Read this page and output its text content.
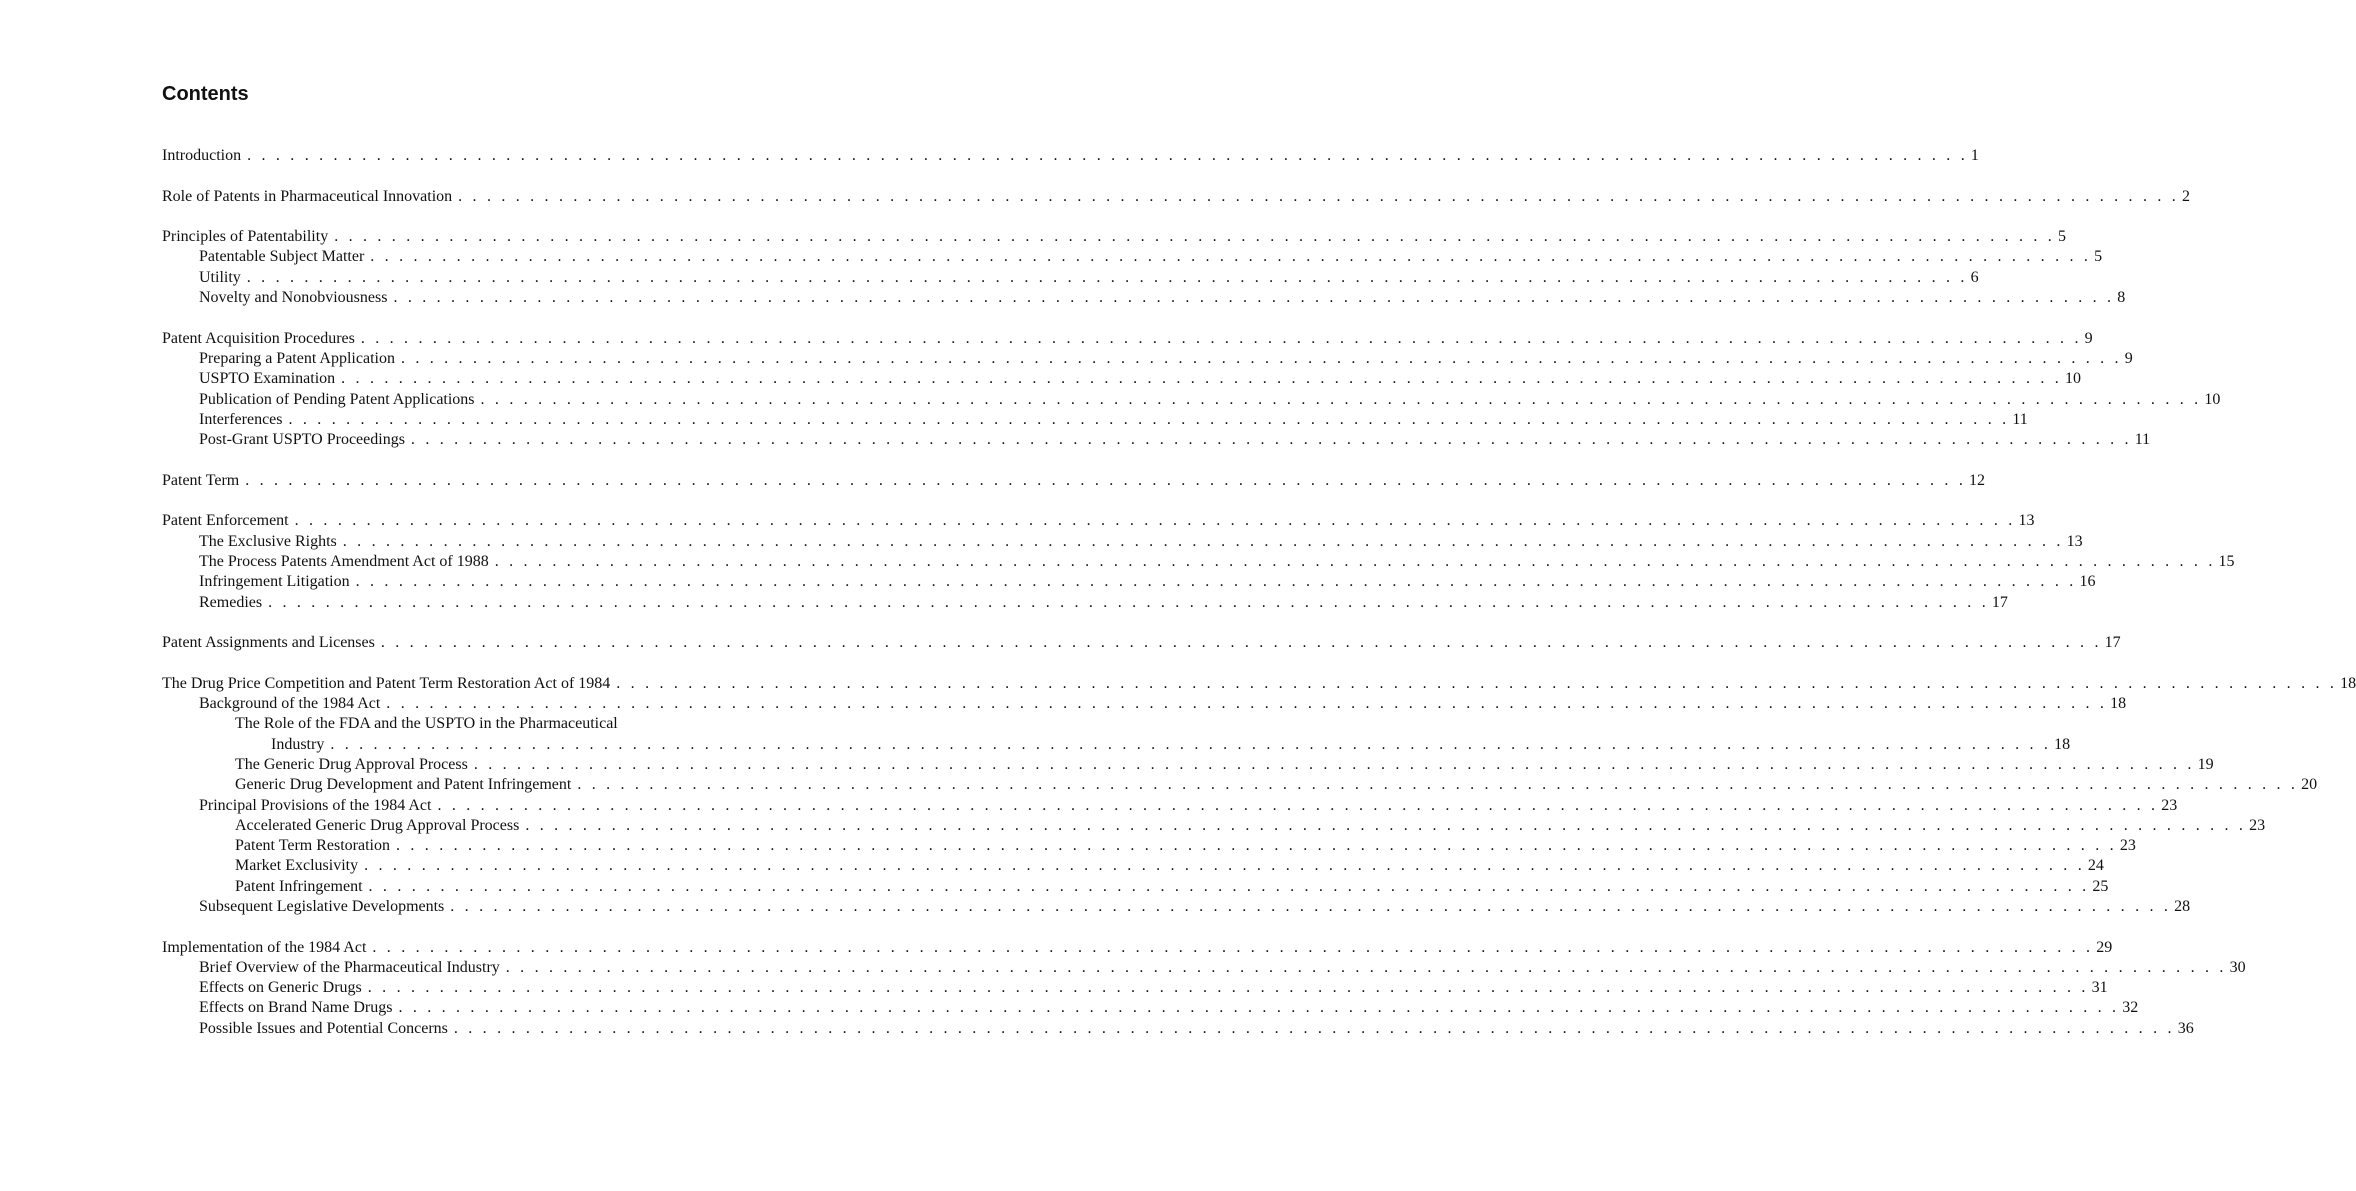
Contents
Introduction . . . . . . . . . . . . . . . . . . . . . . . . . . . . . . . . . . . . . . . . . . . . . . . . . . . . . . . . . . . . . . . . . . . . . . . . . . . . . . . . . . . . . . . . . . . . . . . . . . . . . . . . . . . . . . . . . . . . . . . . 1
Role of Patents in Pharmaceutical Innovation . . . . . . . . . . . . . . . . . . . . . . . . . . . . . . . . . . . . . . . . . . . . . . . . . . . . . . . . . . . . . . . . . . . . . . . . . . . . . . . . . . . . . . . . . . . . . . . . . . . . . . . . . . . . . . . . . . . . . . . . 2
Principles of Patentability . . . . . . . . . . . . . . . . . . . . . . . . . . . . . . . . . . . . . . . . . . . . . . . . . . . . . . . . . . . . . . . . . . . . . . . . . . . . . . . . . . . . . . . . . . . . . . . . . . . . . . . . . . . . . . . . . . . . . . . . 5
Patentable Subject Matter . . . . . . . . . . . . . . . . . . . . . . . . . . . . . . . . . . . . . . . . . . . . . . . . . . . . . . . . . . . . . . . . . . . . . . . . . . . . . . . . . . . . . . . . . . . . . . . . . . . . . . . . . . . . . . . . . . . . . . . . 5
Utility . . . . . . . . . . . . . . . . . . . . . . . . . . . . . . . . . . . . . . . . . . . . . . . . . . . . . . . . . . . . . . . . . . . . . . . . . . . . . . . . . . . . . . . . . . . . . . . . . . . . . . . . . . . . . . . . . . . . . . . . 6
Novelty and Nonobviousness . . . . . . . . . . . . . . . . . . . . . . . . . . . . . . . . . . . . . . . . . . . . . . . . . . . . . . . . . . . . . . . . . . . . . . . . . . . . . . . . . . . . . . . . . . . . . . . . . . . . . . . . . . . . . . . . . . . . . . . . 8
Patent Acquisition Procedures . . . . . . . . . . . . . . . . . . . . . . . . . . . . . . . . . . . . . . . . . . . . . . . . . . . . . . . . . . . . . . . . . . . . . . . . . . . . . . . . . . . . . . . . . . . . . . . . . . . . . . . . . . . . . . . . . . . . . . . . 9
Preparing a Patent Application . . . . . . . . . . . . . . . . . . . . . . . . . . . . . . . . . . . . . . . . . . . . . . . . . . . . . . . . . . . . . . . . . . . . . . . . . . . . . . . . . . . . . . . . . . . . . . . . . . . . . . . . . . . . . . . . . . . . . . . . 9
USPTO Examination . . . . . . . . . . . . . . . . . . . . . . . . . . . . . . . . . . . . . . . . . . . . . . . . . . . . . . . . . . . . . . . . . . . . . . . . . . . . . . . . . . . . . . . . . . . . . . . . . . . . . . . . . . . . . . . . . . . . . . . . 10
Publication of Pending Patent Applications . . . . . . . . . . . . . . . . . . . . . . . . . . . . . . . . . . . . . . . . . . . . . . . . . . . . . . . . . . . . . . . . . . . . . . . . . . . . . . . . . . . . . . . . . . . . . . . . . . . . . . . . . . . . . . . . . . . . . . . . 10
Interferences . . . . . . . . . . . . . . . . . . . . . . . . . . . . . . . . . . . . . . . . . . . . . . . . . . . . . . . . . . . . . . . . . . . . . . . . . . . . . . . . . . . . . . . . . . . . . . . . . . . . . . . . . . . . . . . . . . . . . . . . 11
Post-Grant USPTO Proceedings . . . . . . . . . . . . . . . . . . . . . . . . . . . . . . . . . . . . . . . . . . . . . . . . . . . . . . . . . . . . . . . . . . . . . . . . . . . . . . . . . . . . . . . . . . . . . . . . . . . . . . . . . . . . . . . . . . . . . . . . 11
Patent Term . . . . . . . . . . . . . . . . . . . . . . . . . . . . . . . . . . . . . . . . . . . . . . . . . . . . . . . . . . . . . . . . . . . . . . . . . . . . . . . . . . . . . . . . . . . . . . . . . . . . . . . . . . . . . . . . . . . . . . . . 12
Patent Enforcement . . . . . . . . . . . . . . . . . . . . . . . . . . . . . . . . . . . . . . . . . . . . . . . . . . . . . . . . . . . . . . . . . . . . . . . . . . . . . . . . . . . . . . . . . . . . . . . . . . . . . . . . . . . . . . . . . . . . . . . . 13
The Exclusive Rights . . . . . . . . . . . . . . . . . . . . . . . . . . . . . . . . . . . . . . . . . . . . . . . . . . . . . . . . . . . . . . . . . . . . . . . . . . . . . . . . . . . . . . . . . . . . . . . . . . . . . . . . . . . . . . . . . . . . . . . . 13
The Process Patents Amendment Act of 1988 . . . . . . . . . . . . . . . . . . . . . . . . . . . . . . . . . . . . . . . . . . . . . . . . . . . . . . . . . . . . . . . . . . . . . . . . . . . . . . . . . . . . . . . . . . . . . . . . . . . . . . . . . . . . . . . . . . . . . . . . 15
Infringement Litigation . . . . . . . . . . . . . . . . . . . . . . . . . . . . . . . . . . . . . . . . . . . . . . . . . . . . . . . . . . . . . . . . . . . . . . . . . . . . . . . . . . . . . . . . . . . . . . . . . . . . . . . . . . . . . . . . . . . . . . . . 16
Remedies . . . . . . . . . . . . . . . . . . . . . . . . . . . . . . . . . . . . . . . . . . . . . . . . . . . . . . . . . . . . . . . . . . . . . . . . . . . . . . . . . . . . . . . . . . . . . . . . . . . . . . . . . . . . . . . . . . . . . . . . 17
Patent Assignments and Licenses . . . . . . . . . . . . . . . . . . . . . . . . . . . . . . . . . . . . . . . . . . . . . . . . . . . . . . . . . . . . . . . . . . . . . . . . . . . . . . . . . . . . . . . . . . . . . . . . . . . . . . . . . . . . . . . . . . . . . . . . 17
The Drug Price Competition and Patent Term Restoration Act of 1984 . . . . . . . . . . . . . . . . . . . . . . . . . . . . . . . . . . . . . . . . . . . . . . . . . . . . . . . . . . . . . . . . . . . . . . . . . . . . . . . . . . . . . . . . . . . . . . . . . . . . . . . . . . . . . . . . . . . . . . . . 18
Background of the 1984 Act . . . . . . . . . . . . . . . . . . . . . . . . . . . . . . . . . . . . . . . . . . . . . . . . . . . . . . . . . . . . . . . . . . . . . . . . . . . . . . . . . . . . . . . . . . . . . . . . . . . . . . . . . . . . . . . . . . . . . . . . 18
The Role of the FDA and the USPTO in the Pharmaceutical
Industry . . . . . . . . . . . . . . . . . . . . . . . . . . . . . . . . . . . . . . . . . . . . . . . . . . . . . . . . . . . . . . . . . . . . . . . . . . . . . . . . . . . . . . . . . . . . . . . . . . . . . . . . . . . . . . . . . . . . . . . . 18
The Generic Drug Approval Process . . . . . . . . . . . . . . . . . . . . . . . . . . . . . . . . . . . . . . . . . . . . . . . . . . . . . . . . . . . . . . . . . . . . . . . . . . . . . . . . . . . . . . . . . . . . . . . . . . . . . . . . . . . . . . . . . . . . . . . . 19
Generic Drug Development and Patent Infringement . . . . . . . . . . . . . . . . . . . . . . . . . . . . . . . . . . . . . . . . . . . . . . . . . . . . . . . . . . . . . . . . . . . . . . . . . . . . . . . . . . . . . . . . . . . . . . . . . . . . . . . . . . . . . . . . . . . . . . . . 20
Principal Provisions of the 1984 Act . . . . . . . . . . . . . . . . . . . . . . . . . . . . . . . . . . . . . . . . . . . . . . . . . . . . . . . . . . . . . . . . . . . . . . . . . . . . . . . . . . . . . . . . . . . . . . . . . . . . . . . . . . . . . . . . . . . . . . . . 23
Accelerated Generic Drug Approval Process . . . . . . . . . . . . . . . . . . . . . . . . . . . . . . . . . . . . . . . . . . . . . . . . . . . . . . . . . . . . . . . . . . . . . . . . . . . . . . . . . . . . . . . . . . . . . . . . . . . . . . . . . . . . . . . . . . . . . . . . 23
Patent Term Restoration . . . . . . . . . . . . . . . . . . . . . . . . . . . . . . . . . . . . . . . . . . . . . . . . . . . . . . . . . . . . . . . . . . . . . . . . . . . . . . . . . . . . . . . . . . . . . . . . . . . . . . . . . . . . . . . . . . . . . . . . 23
Market Exclusivity . . . . . . . . . . . . . . . . . . . . . . . . . . . . . . . . . . . . . . . . . . . . . . . . . . . . . . . . . . . . . . . . . . . . . . . . . . . . . . . . . . . . . . . . . . . . . . . . . . . . . . . . . . . . . . . . . . . . . . . . 24
Patent Infringement . . . . . . . . . . . . . . . . . . . . . . . . . . . . . . . . . . . . . . . . . . . . . . . . . . . . . . . . . . . . . . . . . . . . . . . . . . . . . . . . . . . . . . . . . . . . . . . . . . . . . . . . . . . . . . . . . . . . . . . . 25
Subsequent Legislative Developments . . . . . . . . . . . . . . . . . . . . . . . . . . . . . . . . . . . . . . . . . . . . . . . . . . . . . . . . . . . . . . . . . . . . . . . . . . . . . . . . . . . . . . . . . . . . . . . . . . . . . . . . . . . . . . . . . . . . . . . . 28
Implementation of the 1984 Act . . . . . . . . . . . . . . . . . . . . . . . . . . . . . . . . . . . . . . . . . . . . . . . . . . . . . . . . . . . . . . . . . . . . . . . . . . . . . . . . . . . . . . . . . . . . . . . . . . . . . . . . . . . . . . . . . . . . . . . . 29
Brief Overview of the Pharmaceutical Industry . . . . . . . . . . . . . . . . . . . . . . . . . . . . . . . . . . . . . . . . . . . . . . . . . . . . . . . . . . . . . . . . . . . . . . . . . . . . . . . . . . . . . . . . . . . . . . . . . . . . . . . . . . . . . . . . . . . . . . . . 30
Effects on Generic Drugs . . . . . . . . . . . . . . . . . . . . . . . . . . . . . . . . . . . . . . . . . . . . . . . . . . . . . . . . . . . . . . . . . . . . . . . . . . . . . . . . . . . . . . . . . . . . . . . . . . . . . . . . . . . . . . . . . . . . . . . . 31
Effects on Brand Name Drugs . . . . . . . . . . . . . . . . . . . . . . . . . . . . . . . . . . . . . . . . . . . . . . . . . . . . . . . . . . . . . . . . . . . . . . . . . . . . . . . . . . . . . . . . . . . . . . . . . . . . . . . . . . . . . . . . . . . . . . . . 32
Possible Issues and Potential Concerns . . . . . . . . . . . . . . . . . . . . . . . . . . . . . . . . . . . . . . . . . . . . . . . . . . . . . . . . . . . . . . . . . . . . . . . . . . . . . . . . . . . . . . . . . . . . . . . . . . . . . . . . . . . . . . . . . . . . . . . . 36
